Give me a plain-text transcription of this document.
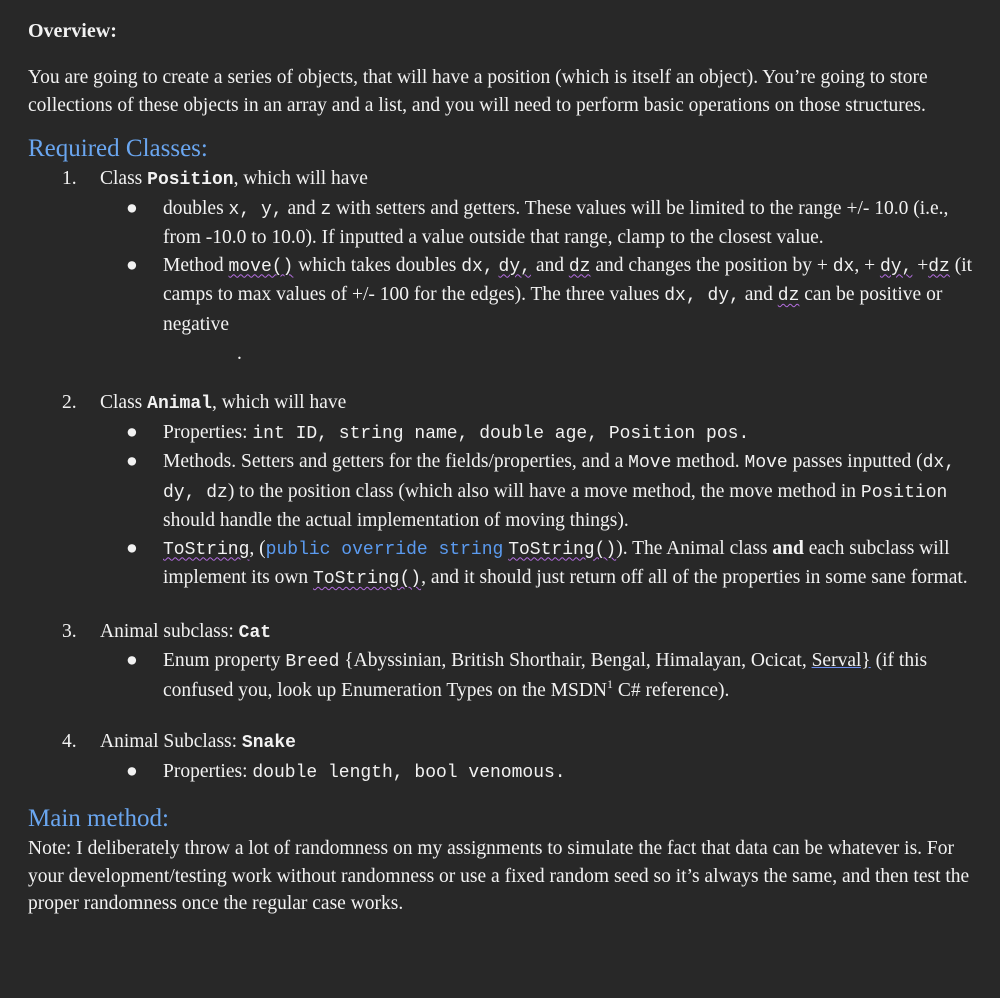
Overview:

You are going to create a series of objects, that will have a position (which is itself an object). You’re going to store collections of these objects in an array and a list, and you will need to perform basic operations on those structures.

Required Classes:
1. Class Position, which will have
● doubles x, y, and z with setters and getters. These values will be limited to the range +/- 10.0 (i.e., from -10.0 to 10.0). If inputted a value outside that range, clamp to the closest value.
● Method move() which takes doubles dx, dy, and dz and changes the position by + dx, + dy, +dz (it camps to max values of +/- 100 for the edges). The three values dx, dy, and dz can be positive or negative
.
2. Class Animal, which will have
● Properties: int ID, string name, double age, Position pos.
● Methods. Setters and getters for the fields/properties, and a Move method. Move passes inputted (dx, dy, dz) to the position class (which also will have a move method, the move method in Position should handle the actual implementation of moving things).
● ToString, (public override string ToString()). The Animal class and each subclass will implement its own ToString(), and it should just return off all of the properties in some sane format.
3. Animal subclass: Cat
● Enum property Breed {Abyssinian, British Shorthair, Bengal, Himalayan, Ocicat, Serval} (if this confused you, look up Enumeration Types on the MSDN$^1$ C# reference).
4. Animal Subclass: Snake
● Properties: double length, bool venomous.
Main method:

Note: I deliberately throw a lot of randomness on my assignments to simulate the fact that data can be whatever is. For your development/testing work without randomness or use a fixed random seed so it’s always the same, and then test the proper randomness once the regular case works.
